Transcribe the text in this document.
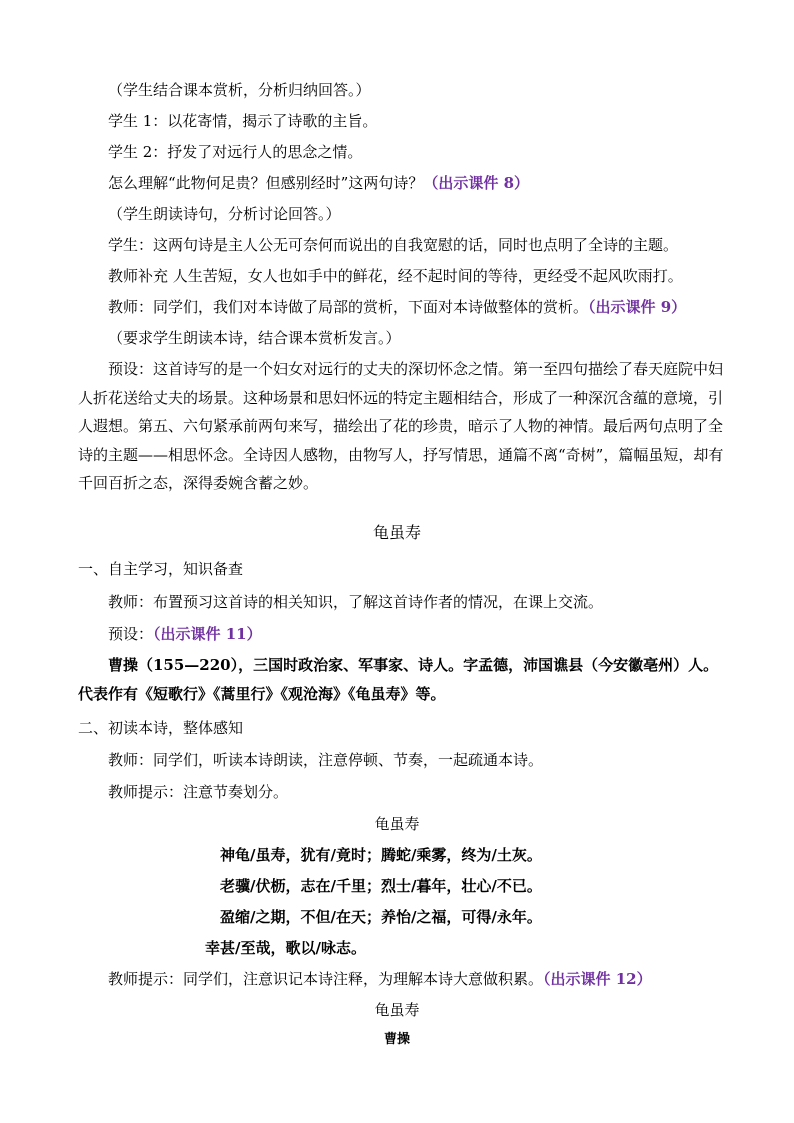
（学生结合课本赏析，分析归纳回答。）
学生 1：以花寄情，揭示了诗歌的主旨。
学生 2：抒发了对远行人的思念之情。
怎么理解“此物何足贵？但感别经时”这两句诗？（出示课件 8）
（学生朗读诗句，分析讨论回答。）
学生：这两句诗是主人公无可奈何而说出的自我宽慰的话，同时也点明了全诗的主题。
教师补充 人生苦短，女人也如手中的鲜花，经不起时间的等待，更经受不起风吹雨打。
教师：同学们，我们对本诗做了局部的赏析，下面对本诗做整体的赏析。（出示课件 9）
（要求学生朗读本诗，结合课本赏析发言。）
预设：这首诗写的是一个妇女对远行的丈夫的深切怀念之情。第一至四句描绘了春天庭院中妇人折花送给丈夫的场景。这种场景和思妇怀远的特定主题相结合，形成了一种深沉含蕴的意境，引人遐想。第五、六句紧承前两句来写，描绘出了花的珍贵，暗示了人物的神情。最后两句点明了全诗的主题——相思怀念。全诗因人感物，由物写人，抒写情思，通篇不离“奇树”，篇幅虽短，却有千回百折之态，深得委婉含蓄之妙。
龟虽寿
一、自主学习，知识备查
教师：布置预习这首诗的相关知识，了解这首诗作者的情况，在课上交流。
预设：（出示课件 11）
曹操（155—220），三国时政治家、军事家、诗人。字孟德，沛国谯县（今安徽亳州）人。代表作有《短歌行》《蒿里行》《观沧海》《龟虽寿》等。
二、初读本诗，整体感知
教师：同学们，听读本诗朗读，注意停顿、节奏，一起疏通本诗。
教师提示：注意节奏划分。
龟虽寿
神龟/虽寿，犹有/竟时；腾蛇/乘雾，终为/土灰。
老骥/伏枥，志在/千里；烈士/暮年，壮心/不已。
盈缩/之期，不但/在天；养怡/之福，可得/永年。
幸甚/至哉，歌以/咏志。
教师提示：同学们，注意识记本诗注释，为理解本诗大意做积累。（出示课件 12）
龟虽寿
曹操
